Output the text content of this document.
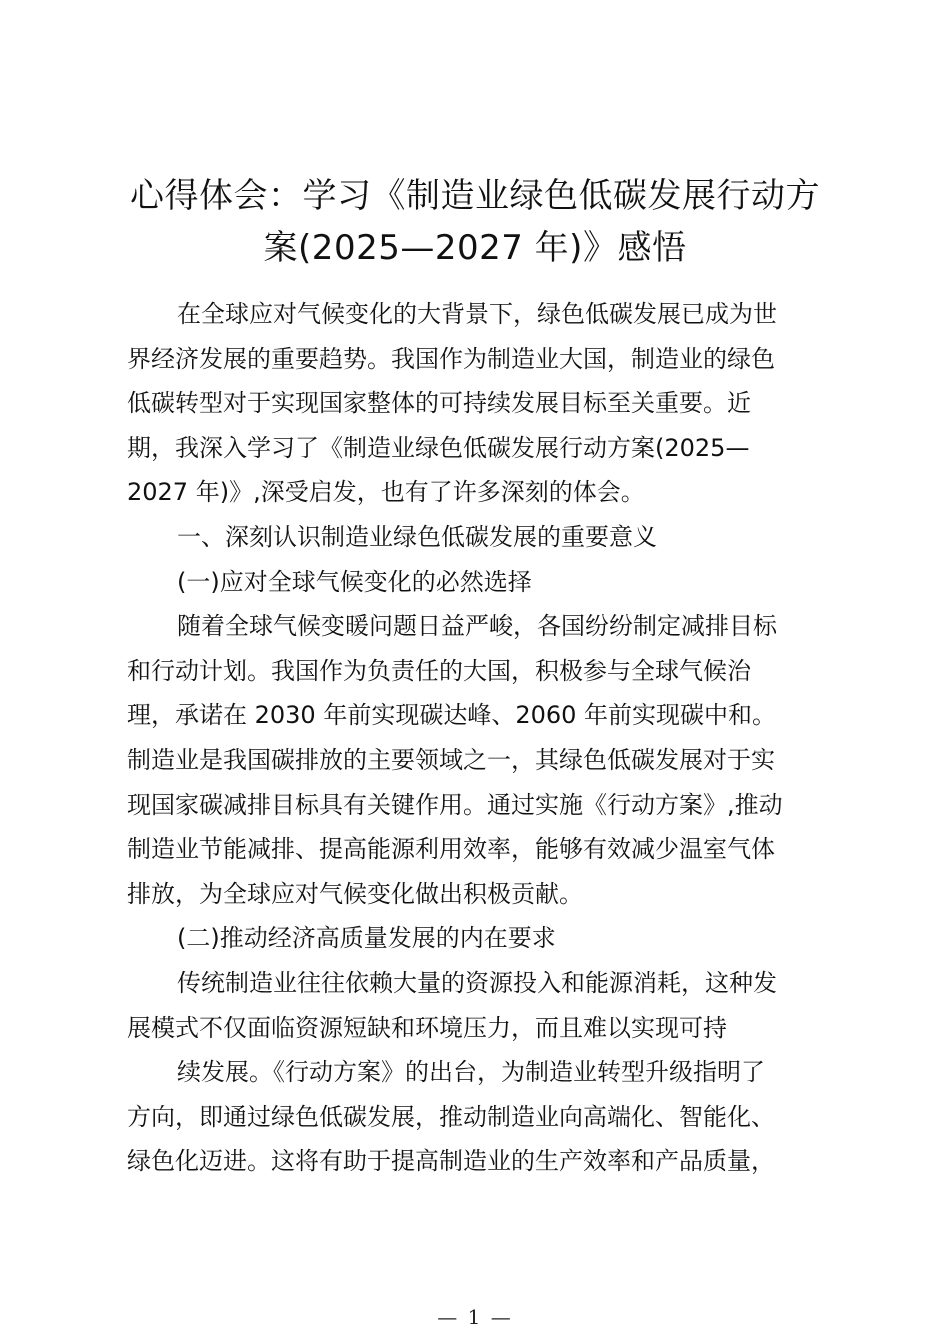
心得体会：学习《制造业绿色低碳发展行动方
案(2025—2027 年)》感悟
在全球应对气候变化的大背景下，绿色低碳发展已成为世
界经济发展的重要趋势。我国作为制造业大国，制造业的绿色
低碳转型对于实现国家整体的可持续发展目标至关重要。近
期，我深入学习了《制造业绿色低碳发展行动方案(2025—
2027 年)》,深受启发，也有了许多深刻的体会。
一、深刻认识制造业绿色低碳发展的重要意义
(一)应对全球气候变化的必然选择
随着全球气候变暖问题日益严峻，各国纷纷制定减排目标
和行动计划。我国作为负责任的大国，积极参与全球气候治
理，承诺在 2030 年前实现碳达峰、2060 年前实现碳中和。
制造业是我国碳排放的主要领域之一，其绿色低碳发展对于实
现国家碳减排目标具有关键作用。通过实施《行动方案》,推动
制造业节能减排、提高能源利用效率，能够有效减少温室气体
排放，为全球应对气候变化做出积极贡献。
(二)推动经济高质量发展的内在要求
传统制造业往往依赖大量的资源投入和能源消耗，这种发
展模式不仅面临资源短缺和环境压力，而且难以实现可持
续发展。《行动方案》的出台，为制造业转型升级指明了
方向，即通过绿色低碳发展，推动制造业向高端化、智能化、
绿色化迈进。这将有助于提高制造业的生产效率和产品质量，
— 1 —
